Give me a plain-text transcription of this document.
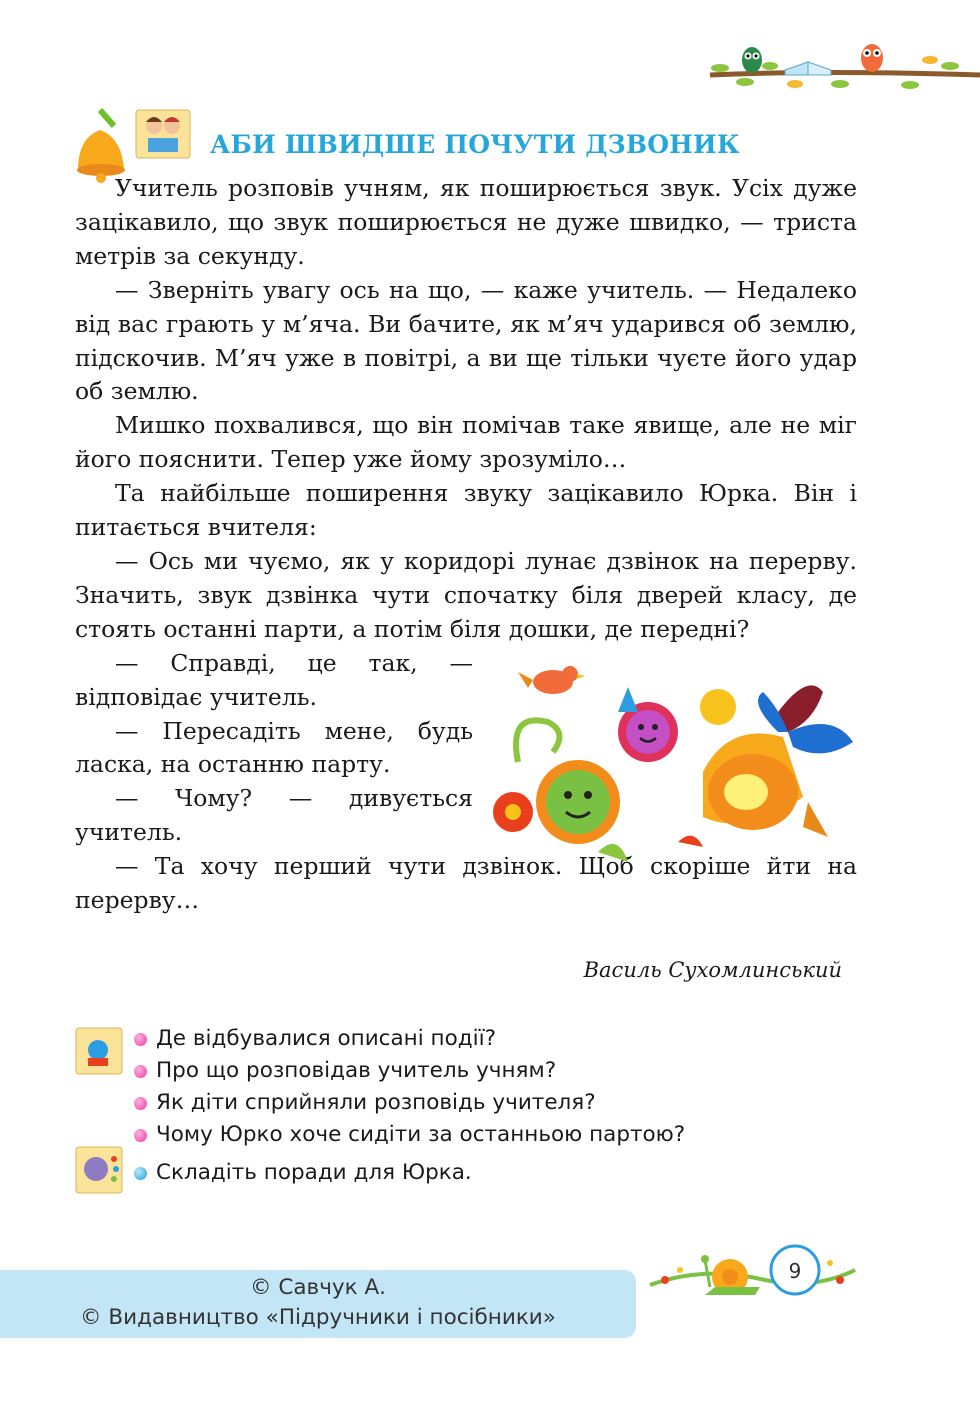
АБИ ШВИДШЕ ПОЧУТИ ДЗВОНИК

Учитель розповів учням, як поширюється звук. Усіх дуже зацікавило, що звук поширюється не дуже швидко, — триста метрів за секунду.

— Зверніть увагу ось на що, — каже учитель. — Недалеко від вас грають у м’яча. Ви бачите, як м’яч ударився об землю, підскочив. М’яч уже в повітрі, а ви ще тільки чуєте його удар об землю.

Мишко похвалився, що він помічав таке явище, але не міг його пояснити. Тепер уже йому зрозуміло…

Та найбільше поширення звуку зацікавило Юрка. Він і питається вчителя:

— Ось ми чуємо, як у коридорі лунає дзвінок на перерву. Значить, звук дзвінка чути спочатку біля дверей класу, де стоять останні парти, а потім біля дошки, де передні?

— Справді, це так, — відповідає учитель.

— Пересадіть мене, будь ласка, на останню парту.

— Чому? — дивується учитель.

— Та хочу перший чути дзвінок. Щоб скоріше йти на перерву…

Василь Сухомлинський
Де відбувалися описані події?
Про що розповідав учитель учням?
Як діти сприйняли розповідь учителя?
Чому Юрко хоче сидіти за останньою партою?
Складіть поради для Юрка.
9
© Савчук А.
© Видавництво «Підручники і посібники»
